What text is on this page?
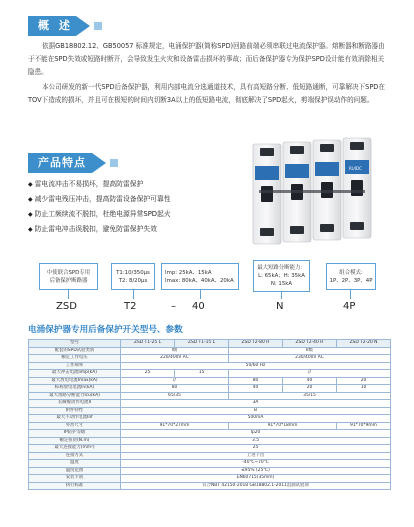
概 述

依据GB18802.12、GB50057 标准规定，电涌保护器(简称SPD)回路前端必须串联过电流保护器。熔断器和断路器由于不能在SPD失效或短路时断开，会导致发生火灾和设备雷击损坏的事故；而后备保护器专为保护SPD设计能有效消除相关隐患。

本公司研发的新一代SPD后备保护器，利用内部电流分选通道技术，具有高短路分断、低短路通断，可靠解决下SPD在TOV下造成的损坏，并且可在极短的时间内切断3A以上的低短路电流，彻底解决了SPD起火，剪端保护误动作的问题。

产品特点
◆ 雷电流冲击不易损坏，提高防雷保护
◆ 减少雷电残压冲击，提高防雷设备保护可靠性
◆ 防止工频续流不脱扣，杜绝电源异常SPD起火
◆ 防止雷电冲击误脱扣，避免防雷保护失效
RUIDC
中使联合SPD专用
后备保护断路器
T1:10/350μs
T2: 8/20μs
Imp: 25kA、15kA
Imax: 80kA、40kA、20kA
最大短路分断能力：
L: 65kA；H: 35kA
N: 15kA
组合模式:
1P、2P、3P、4P
ZSD	T2	– 40	N	4P
电涌保护器专用后备保护开关型号、参数
型号	ZSD T1-25 L	ZSD T1-15 L	ZSD T2-80 H	ZSD T2-40 H	ZSD T2-20 N
配套的SPD试验类别	I级		II级		
额定工作电压	220/400V AC		230/400V AC		
工作频率	50/60 Hz				
最大冲击电流Iimp(kA)	25	15	//		
最大放电电流Imax(kA)	//		80	40	20
标称放电电流In(kA)	80		40	20	10
最大短路分断能力Icu(kA)	65/35		35/15		
长瞬脱动作电流II	3A				
附件特性	B				
最大不动作电流Inf	500mA				
外形尺寸	91*70*27mm		91*70*18mm		91*70*9mm
IP防护等级	Ip20				
额定扭矩(N.m)	3.5				
最大连接能力(mm²)	25				
连接方式	上进下出				
温度	-40℃~70℃				
温度范围	≤95% (25℃)				
安装卡轨	EN60715(35mm)				
执行标准	符合NBT 42150-2018 GB18802.1-2011浪涌试验项				
